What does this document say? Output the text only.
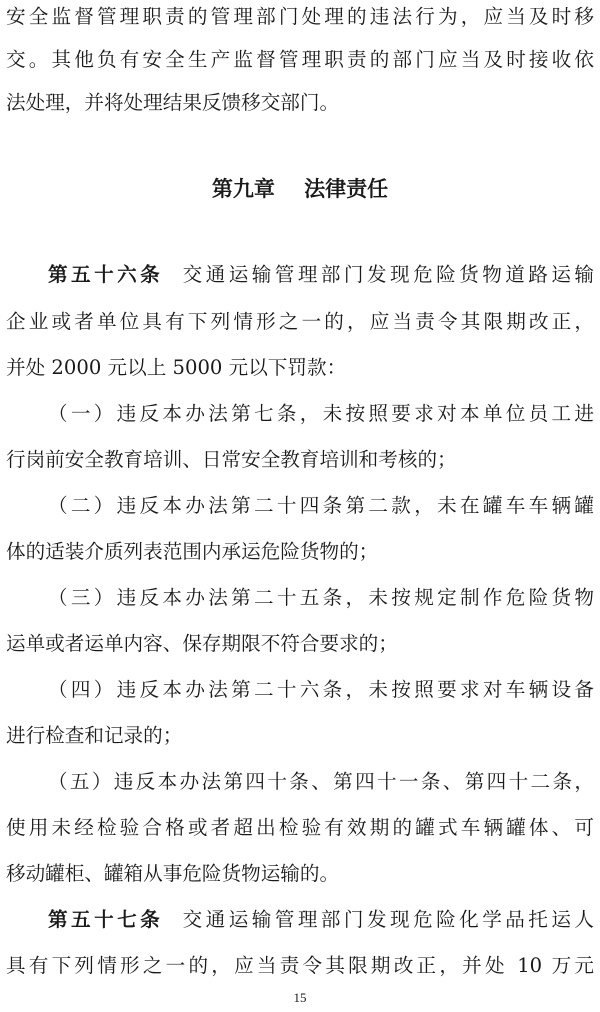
安全监督管理职责的管理部门处理的违法行为，应当及时移
交。其他负有安全生产监督管理职责的部门应当及时接收依
法处理，并将处理结果反馈移交部门。
第九章    法律责任
第五十六条 交通运输管理部门发现危险货物道路运输
企业或者单位具有下列情形之一的，应当责令其限期改正，
并处 2000 元以上 5000 元以下罚款：
（一）违反本办法第七条，未按照要求对本单位员工进
行岗前安全教育培训、日常安全教育培训和考核的；
（二）违反本办法第二十四条第二款，未在罐车车辆罐
体的适装介质列表范围内承运危险货物的；
（三）违反本办法第二十五条，未按规定制作危险货物
运单或者运单内容、保存期限不符合要求的；
（四）违反本办法第二十六条，未按照要求对车辆设备
进行检查和记录的；
（五）违反本办法第四十条、第四十一条、第四十二条，
使用未经检验合格或者超出检验有效期的罐式车辆罐体、可
移动罐柜、罐箱从事危险货物运输的。
15
第五十七条 交通运输管理部门发现危险化学品托运人
具有下列情形之一的，应当责令其限期改正，并处 10 万元
